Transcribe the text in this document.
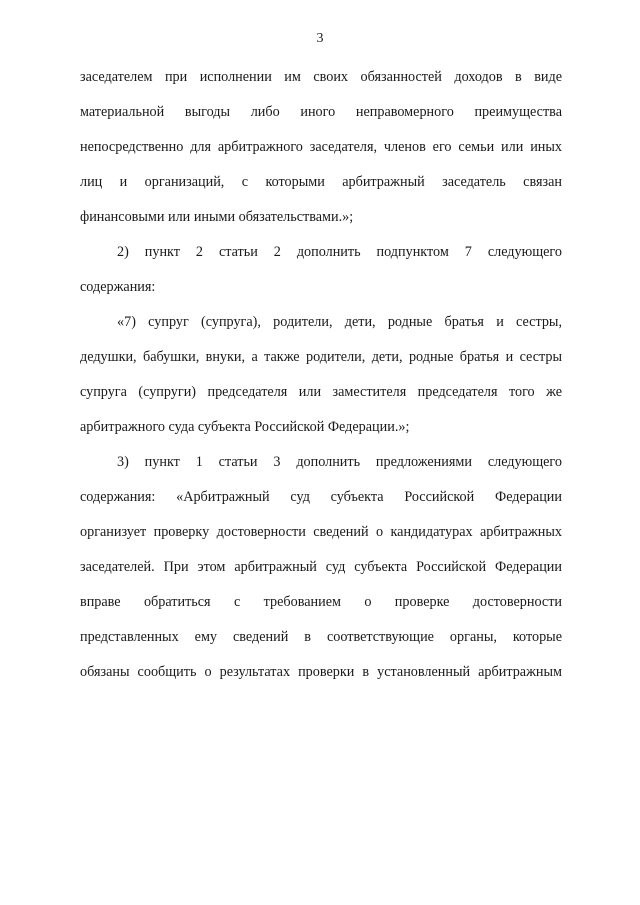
3
заседателем при исполнении им своих обязанностей доходов в виде
материальной выгоды либо иного неправомерного преимущества
непосредственно для арбитражного заседателя, членов его семьи или иных
лиц и организаций, с которыми арбитражный заседатель связан
финансовыми или иными обязательствами.»;
2) пункт 2 статьи 2 дополнить подпунктом 7 следующего
содержания:
«7) супруг (супруга), родители, дети, родные братья и сестры,
дедушки, бабушки, внуки, а также родители, дети, родные братья и сестры
супруга (супруги) председателя или заместителя председателя того же
арбитражного суда субъекта Российской Федерации.»;
3) пункт 1 статьи 3 дополнить предложениями следующего
содержания: «Арбитражный суд субъекта Российской Федерации
организует проверку достоверности сведений о кандидатурах арбитражных
заседателей. При этом арбитражный суд субъекта Российской Федерации
вправе обратиться с требованием о проверке достоверности
представленных ему сведений в соответствующие органы, которые
обязаны сообщить о результатах проверки в установленный арбитражным
